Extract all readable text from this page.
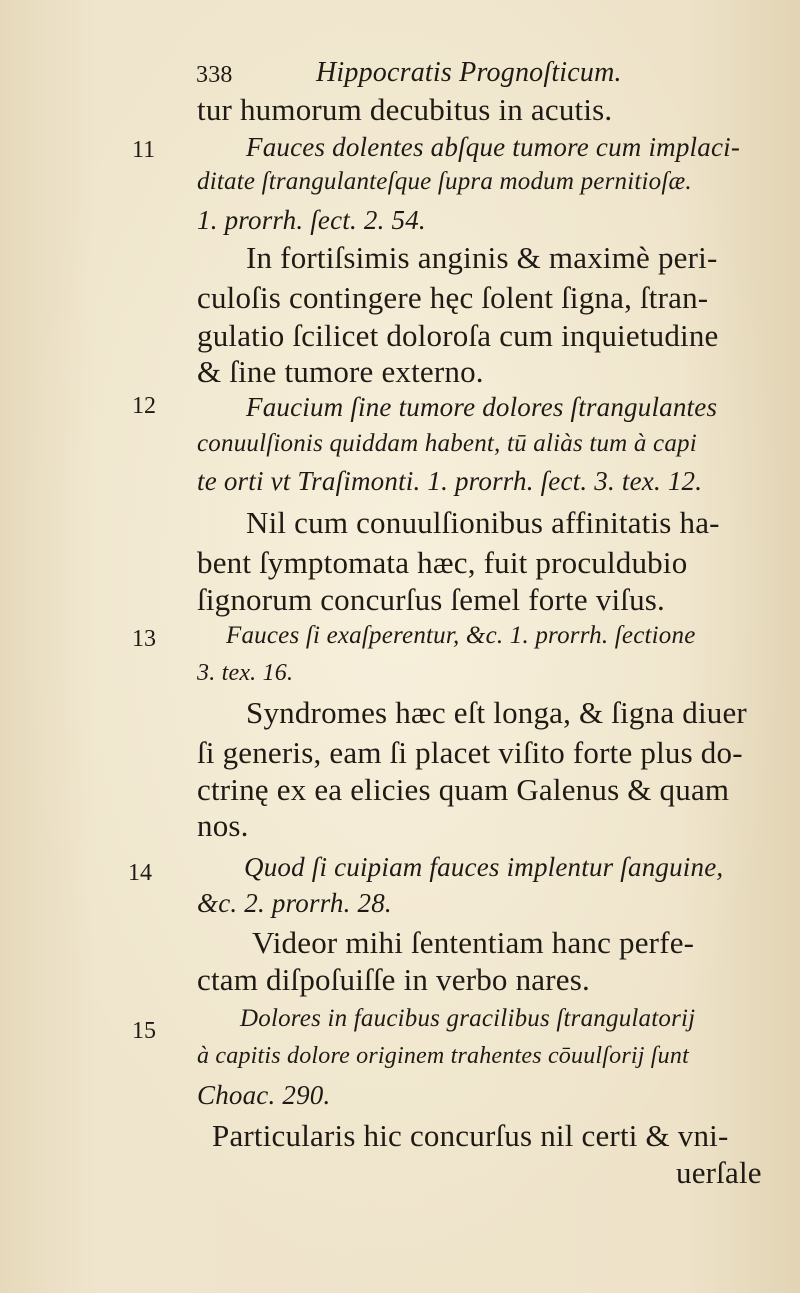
338	Hippocratis Prognoſticum.
11
12
13
14
15
tur humorum decubitus in acutis.
Fauces dolentes abſque tumore cum implaci-
ditate ſtrangulanteſque ſupra modum pernitioſæ.
1. prorrh. ſect. 2. 54.
In fortiſsimis anginis & maximè peri-
culoſis contingere hęc ſolent ſigna, ſtran-
gulatio ſcilicet doloroſa cum inquietudine
& ſine tumore externo.
Faucium ſine tumore dolores ſtrangulantes
conuulſionis quiddam habent, tū aliàs tum à capi
te orti vt Traſimonti. 1. prorrh. ſect. 3. tex. 12.
Nil cum conuulſionibus affinitatis ha-
bent ſymptomata hæc, fuit proculdubio
ſignorum concurſus ſemel forte viſus.
Fauces ſi exaſperentur, &c. 1. prorrh. ſectione
3. tex. 16.
Syndromes hæc eſt longa, & ſigna diuer
ſi generis, eam ſi placet viſito forte plus do-
ctrinę ex ea elicies quam Galenus & quam
nos.
Quod ſi cuipiam fauces implentur ſanguine,
&c. 2. prorrh. 28.
Videor mihi ſententiam hanc perfe-
ctam diſpoſuiſſe in verbo nares.
Dolores in faucibus gracilibus ſtrangulatorij
à capitis dolore originem trahentes cōuulſorij ſunt
Choac. 290.
Particularis hic concurſus nil certi & vni-
uerſale
